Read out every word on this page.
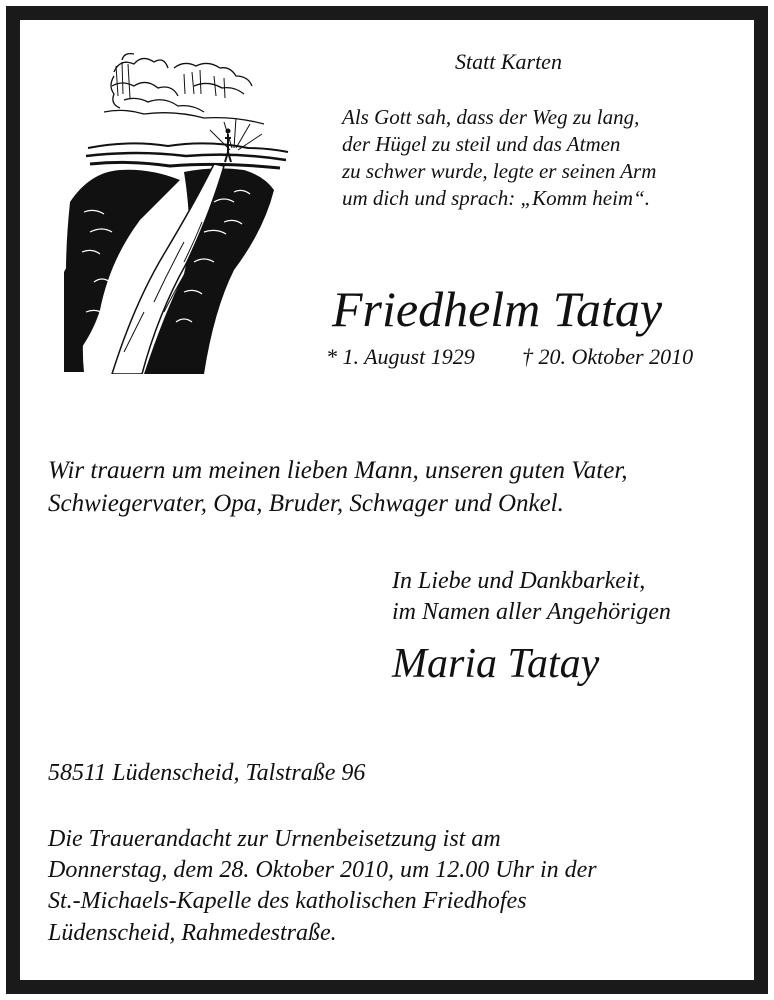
Statt Karten
Als Gott sah, dass der Weg zu lang,
der Hügel zu steil und das Atmen
zu schwer wurde, legte er seinen Arm
um dich und sprach: „Komm heim“.
Friedhelm Tatay
* 1. August 1929 † 20. Oktober 2010
Wir trauern um meinen lieben Mann, unseren guten Vater,
Schwiegervater, Opa, Bruder, Schwager und Onkel.
In Liebe und Dankbarkeit,
im Namen aller Angehörigen
Maria Tatay
58511 Lüdenscheid, Talstraße 96
Die Trauerandacht zur Urnenbeisetzung ist am
Donnerstag, dem 28. Oktober 2010, um 12.00 Uhr in der
St.-Michaels-Kapelle des katholischen Friedhofes
Lüdenscheid, Rahmedestraße.
